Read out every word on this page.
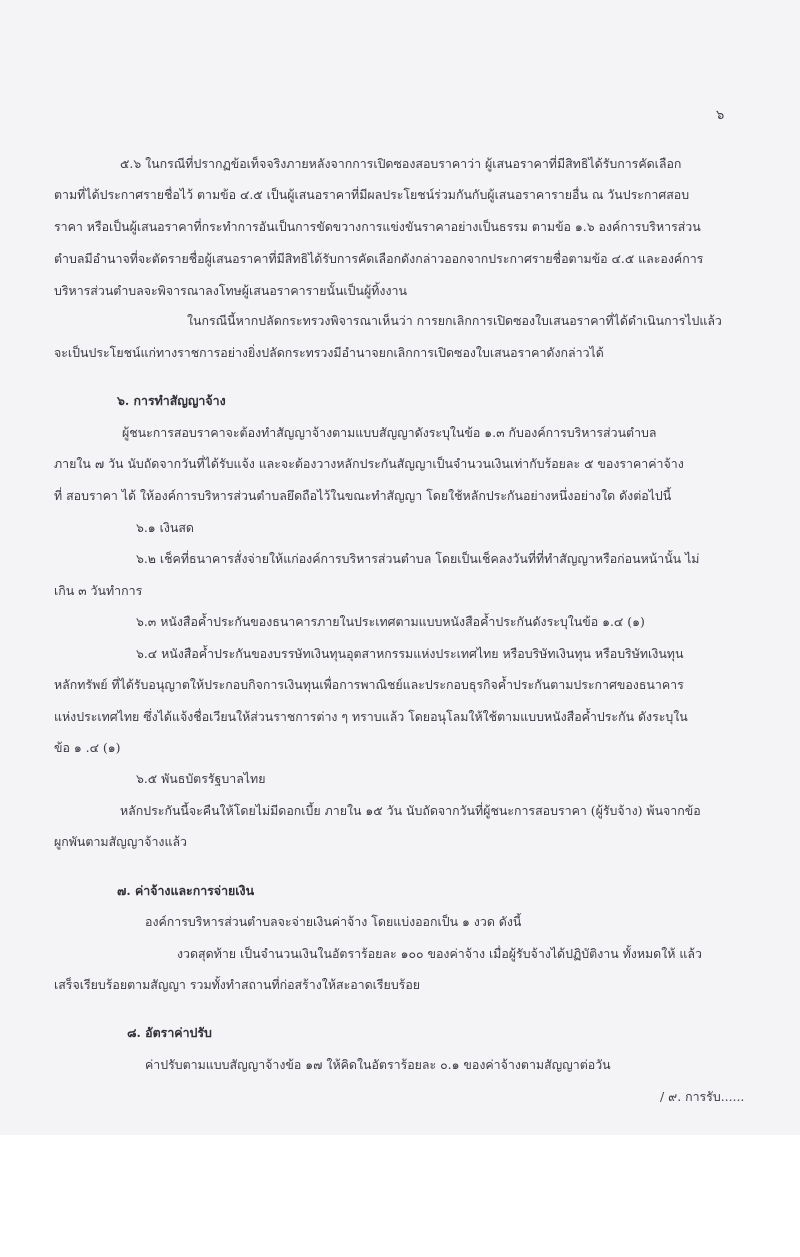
๖
๕.๖ ในกรณีที่ปรากฏข้อเท็จจริงภายหลังจากการเปิดซองสอบราคาว่า ผู้เสนอราคาที่มีสิทธิได้รับการคัดเลือก
ตามที่ได้ประกาศรายชื่อไว้ ตามข้อ ๔.๕ เป็นผู้เสนอราคาที่มีผลประโยชน์ร่วมกันกับผู้เสนอราคารายอื่น ณ วันประกาศสอบ
ราคา หรือเป็นผู้เสนอราคาที่กระทำการอันเป็นการขัดขวางการแข่งขันราคาอย่างเป็นธรรม ตามข้อ ๑.๖ องค์การบริหารส่วน
ตำบลมีอำนาจที่จะตัดรายชื่อผู้เสนอราคาที่มีสิทธิได้รับการคัดเลือกดังกล่าวออกจากประกาศรายชื่อตามข้อ ๔.๕ และองค์การ
บริหารส่วนตำบลจะพิจารณาลงโทษผู้เสนอราคารายนั้นเป็นผู้ทิ้งงาน
ในกรณีนี้หากปลัดกระทรวงพิจารณาเห็นว่า การยกเลิกการเปิดซองใบเสนอราคาที่ได้ดำเนินการไปแล้ว
จะเป็นประโยชน์แก่ทางราชการอย่างยิ่งปลัดกระทรวงมีอำนาจยกเลิกการเปิดซองใบเสนอราคาดังกล่าวได้
๖. การทำสัญญาจ้าง
ผู้ชนะการสอบราคาจะต้องทำสัญญาจ้างตามแบบสัญญาดังระบุในข้อ ๑.๓ กับองค์การบริหารส่วนตำบล
ภายใน ๗ วัน นับถัดจากวันที่ได้รับแจ้ง และจะต้องวางหลักประกันสัญญาเป็นจำนวนเงินเท่ากับร้อยละ ๕ ของราคาค่าจ้าง
ที่ สอบราคา ได้ ให้องค์การบริหารส่วนตำบลยึดถือไว้ในขณะทำสัญญา โดยใช้หลักประกันอย่างหนึ่งอย่างใด ดังต่อไปนี้
๖.๑ เงินสด
๖.๒ เช็คที่ธนาคารสั่งจ่ายให้แก่องค์การบริหารส่วนตำบล โดยเป็นเช็คลงวันที่ที่ทำสัญญาหรือก่อนหน้านั้น ไม่
เกิน ๓ วันทำการ
๖.๓ หนังสือค้ำประกันของธนาคารภายในประเทศตามแบบหนังสือค้ำประกันดังระบุในข้อ ๑.๔ (๑)
๖.๔ หนังสือค้ำประกันของบรรษัทเงินทุนอุตสาหกรรมแห่งประเทศไทย หรือบริษัทเงินทุน หรือบริษัทเงินทุน
หลักทรัพย์ ที่ได้รับอนุญาตให้ประกอบกิจการเงินทุนเพื่อการพาณิชย์และประกอบธุรกิจค้ำประกันตามประกาศของธนาคาร
แห่งประเทศไทย ซึ่งได้แจ้งชื่อเวียนให้ส่วนราชการต่าง ๆ ทราบแล้ว โดยอนุโลมให้ใช้ตามแบบหนังสือค้ำประกัน ดังระบุใน
ข้อ ๑ .๔ (๑)
๖.๕ พันธบัตรรัฐบาลไทย
หลักประกันนี้จะคืนให้โดยไม่มีดอกเบี้ย ภายใน ๑๕ วัน นับถัดจากวันที่ผู้ชนะการสอบราคา (ผู้รับจ้าง) พ้นจากข้อ
ผูกพันตามสัญญาจ้างแล้ว
๗. ค่าจ้างและการจ่ายเงิน
องค์การบริหารส่วนตำบลจะจ่ายเงินค่าจ้าง โดยแบ่งออกเป็น ๑ งวด ดังนี้
งวดสุดท้าย เป็นจำนวนเงินในอัตราร้อยละ ๑๐๐ ของค่าจ้าง เมื่อผู้รับจ้างได้ปฏิบัติงาน ทั้งหมดให้ แล้ว
เสร็จเรียบร้อยตามสัญญา รวมทั้งทำสถานที่ก่อสร้างให้สะอาดเรียบร้อย
๘. อัตราค่าปรับ
ค่าปรับตามแบบสัญญาจ้างข้อ ๑๗ ให้คิดในอัตราร้อยละ ๐.๑ ของค่าจ้างตามสัญญาต่อวัน
/ ๙. การรับ......
